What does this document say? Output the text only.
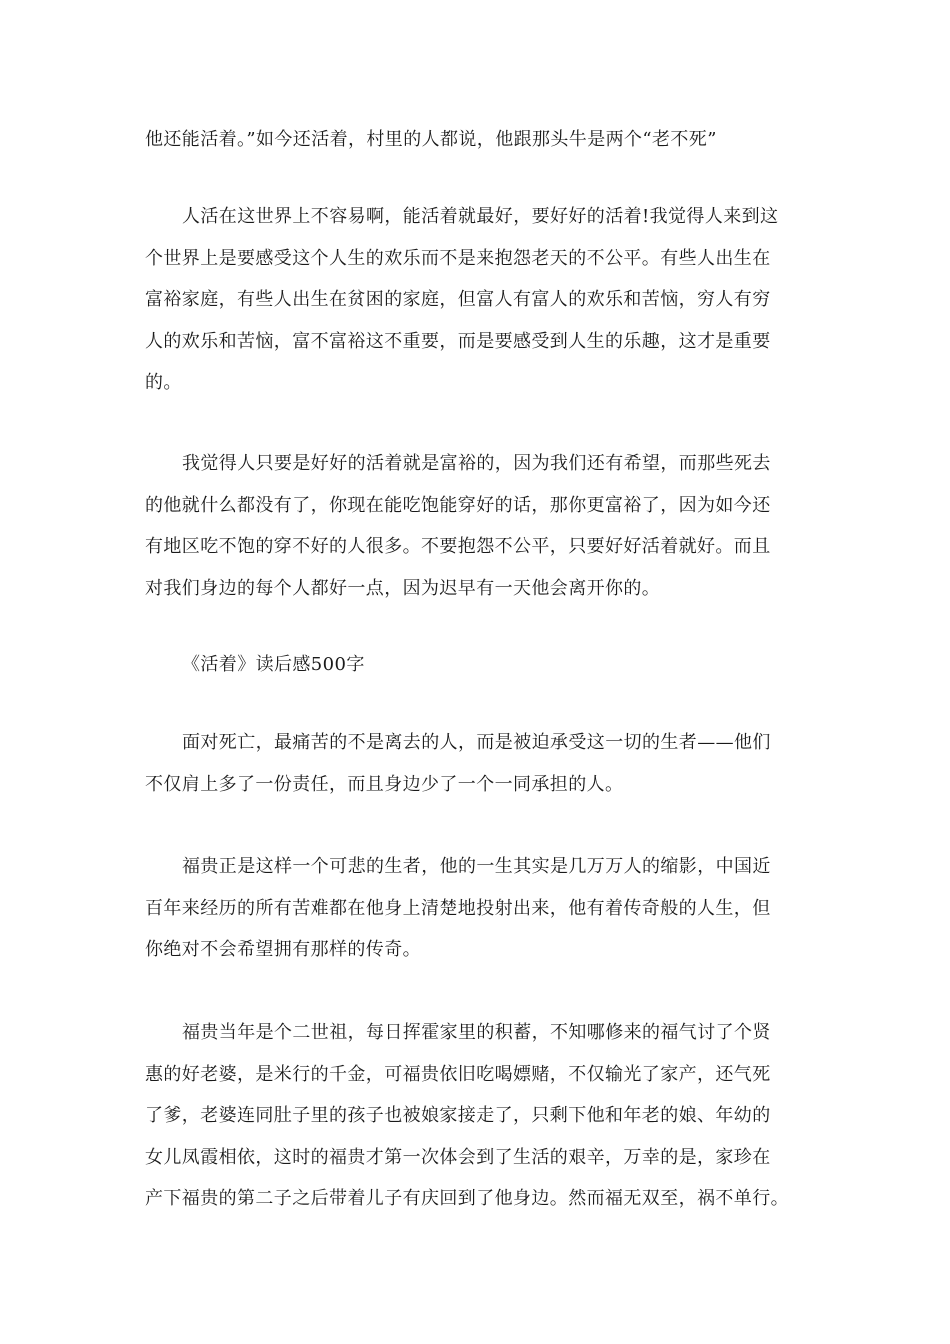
他还能活着。”如今还活着，村里的人都说，他跟那头牛是两个“老不死”

人活在这世界上不容易啊，能活着就最好，要好好的活着!我觉得人来到这
个世界上是要感受这个人生的欢乐而不是来抱怨老天的不公平。有些人出生在
富裕家庭，有些人出生在贫困的家庭，但富人有富人的欢乐和苦恼，穷人有穷
人的欢乐和苦恼，富不富裕这不重要，而是要感受到人生的乐趣，这才是重要
的。

我觉得人只要是好好的活着就是富裕的，因为我们还有希望，而那些死去
的他就什么都没有了，你现在能吃饱能穿好的话，那你更富裕了，因为如今还
有地区吃不饱的穿不好的人很多。不要抱怨不公平，只要好好活着就好。而且
对我们身边的每个人都好一点，因为迟早有一天他会离开你的。

《活着》读后感500字

面对死亡，最痛苦的不是离去的人，而是被迫承受这一切的生者——他们
不仅肩上多了一份责任，而且身边少了一个一同承担的人。

福贵正是这样一个可悲的生者，他的一生其实是几万万人的缩影，中国近
百年来经历的所有苦难都在他身上清楚地投射出来，他有着传奇般的人生，但
你绝对不会希望拥有那样的传奇。

福贵当年是个二世祖，每日挥霍家里的积蓄，不知哪修来的福气讨了个贤
惠的好老婆，是米行的千金，可福贵依旧吃喝嫖赌，不仅输光了家产，还气死
了爹，老婆连同肚子里的孩子也被娘家接走了，只剩下他和年老的娘、年幼的
女儿凤霞相依，这时的福贵才第一次体会到了生活的艰辛，万幸的是，家珍在
产下福贵的第二子之后带着儿子有庆回到了他身边。然而福无双至，祸不单行。
